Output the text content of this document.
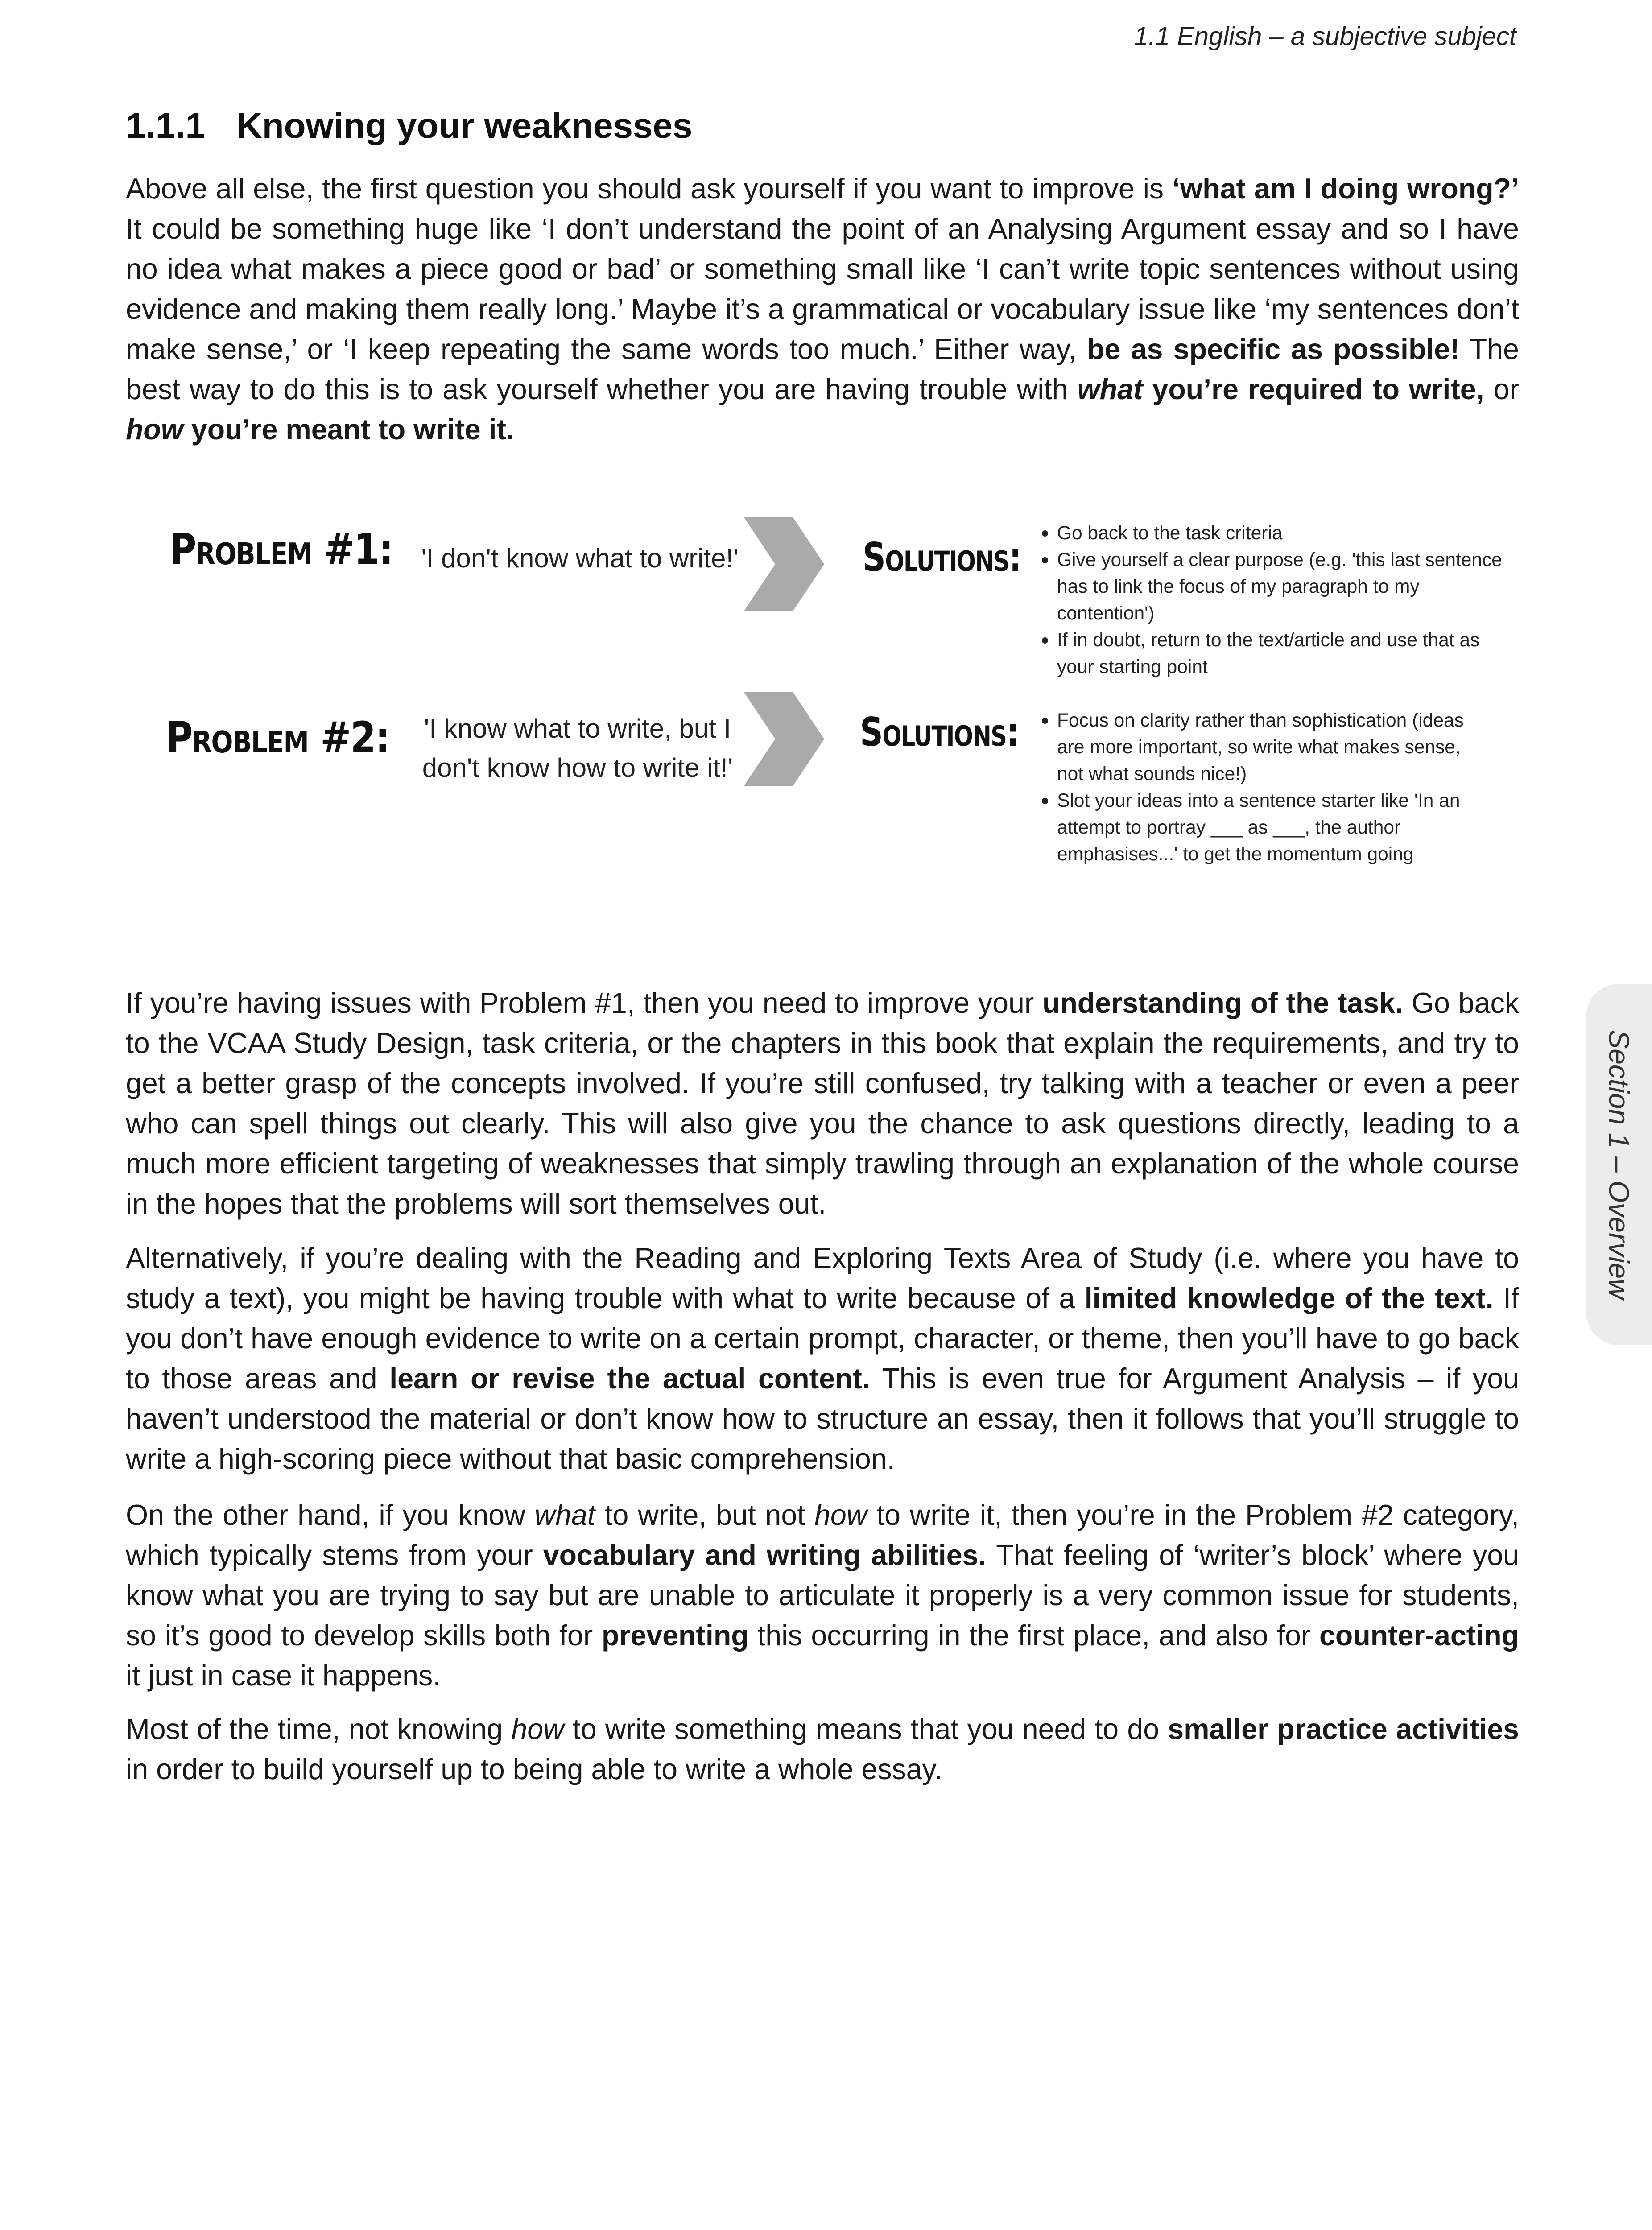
1.1 English – a subjective subject
1.1.1 Knowing your weaknesses

Above all else, the first question you should ask yourself if you want to improve is ‘what am I doing wrong?’ It could be something huge like ‘I don’t understand the point of an Analysing Argument essay and so I have no idea what makes a piece good or bad’ or something small like ‘I can’t write topic sentences without using evidence and making them really long.’ Maybe it’s a grammatical or vocabulary issue like ‘my sentences don’t make sense,’ or ‘I keep repeating the same words too much.’ Either way, be as specific as possible! The best way to do this is to ask yourself whether you are having trouble with what you’re required to write, or how you’re meant to write it.

Problem #1:	'I don't know what to write!'	Solutions:
Go back to the task criteria
Give yourself a clear purpose (e.g. 'this last sentence has to link the focus of my paragraph to my contention')
If in doubt, return to the text/article and use that as your starting point
Problem #2:	'I know what to write, but I
don't know how to write it!'
Solutions:	Focus on clarity rather than sophistication (ideas are more important, so write what makes sense, not what sounds nice!)
Slot your ideas into a sentence starter like 'In an attempt to portray ___ as ___, the author emphasises...' to get the momentum going

If you’re having issues with Problem #1, then you need to improve your understanding of the task. Go back to the VCAA Study Design, task criteria, or the chapters in this book that explain the requirements, and try to get a better grasp of the concepts involved. If you’re still confused, try talking with a teacher or even a peer who can spell things out clearly. This will also give you the chance to ask questions directly, leading to a much more efficient targeting of weaknesses that simply trawling through an explanation of the whole course in the hopes that the problems will sort themselves out.

Alternatively, if you’re dealing with the Reading and Exploring Texts Area of Study (i.e. where you have to study a text), you might be having trouble with what to write because of a limited knowledge of the text. If you don’t have enough evidence to write on a certain prompt, character, or theme, then you’ll have to go back to those areas and learn or revise the actual content. This is even true for Argument Analysis – if you haven’t understood the material or don’t know how to structure an essay, then it follows that you’ll struggle to write a high-scoring piece without that basic comprehension.

On the other hand, if you know what to write, but not how to write it, then you’re in the Problem #2 category, which typically stems from your vocabulary and writing abilities. That feeling of ‘writer’s block’ where you know what you are trying to say but are unable to articulate it properly is a very common issue for students, so it’s good to develop skills both for preventing this occurring in the first place, and also for counter-acting it just in case it happens.

Most of the time, not knowing how to write something means that you need to do smaller practice activities in order to build yourself up to being able to write a whole essay.

Section 1 – Overview
